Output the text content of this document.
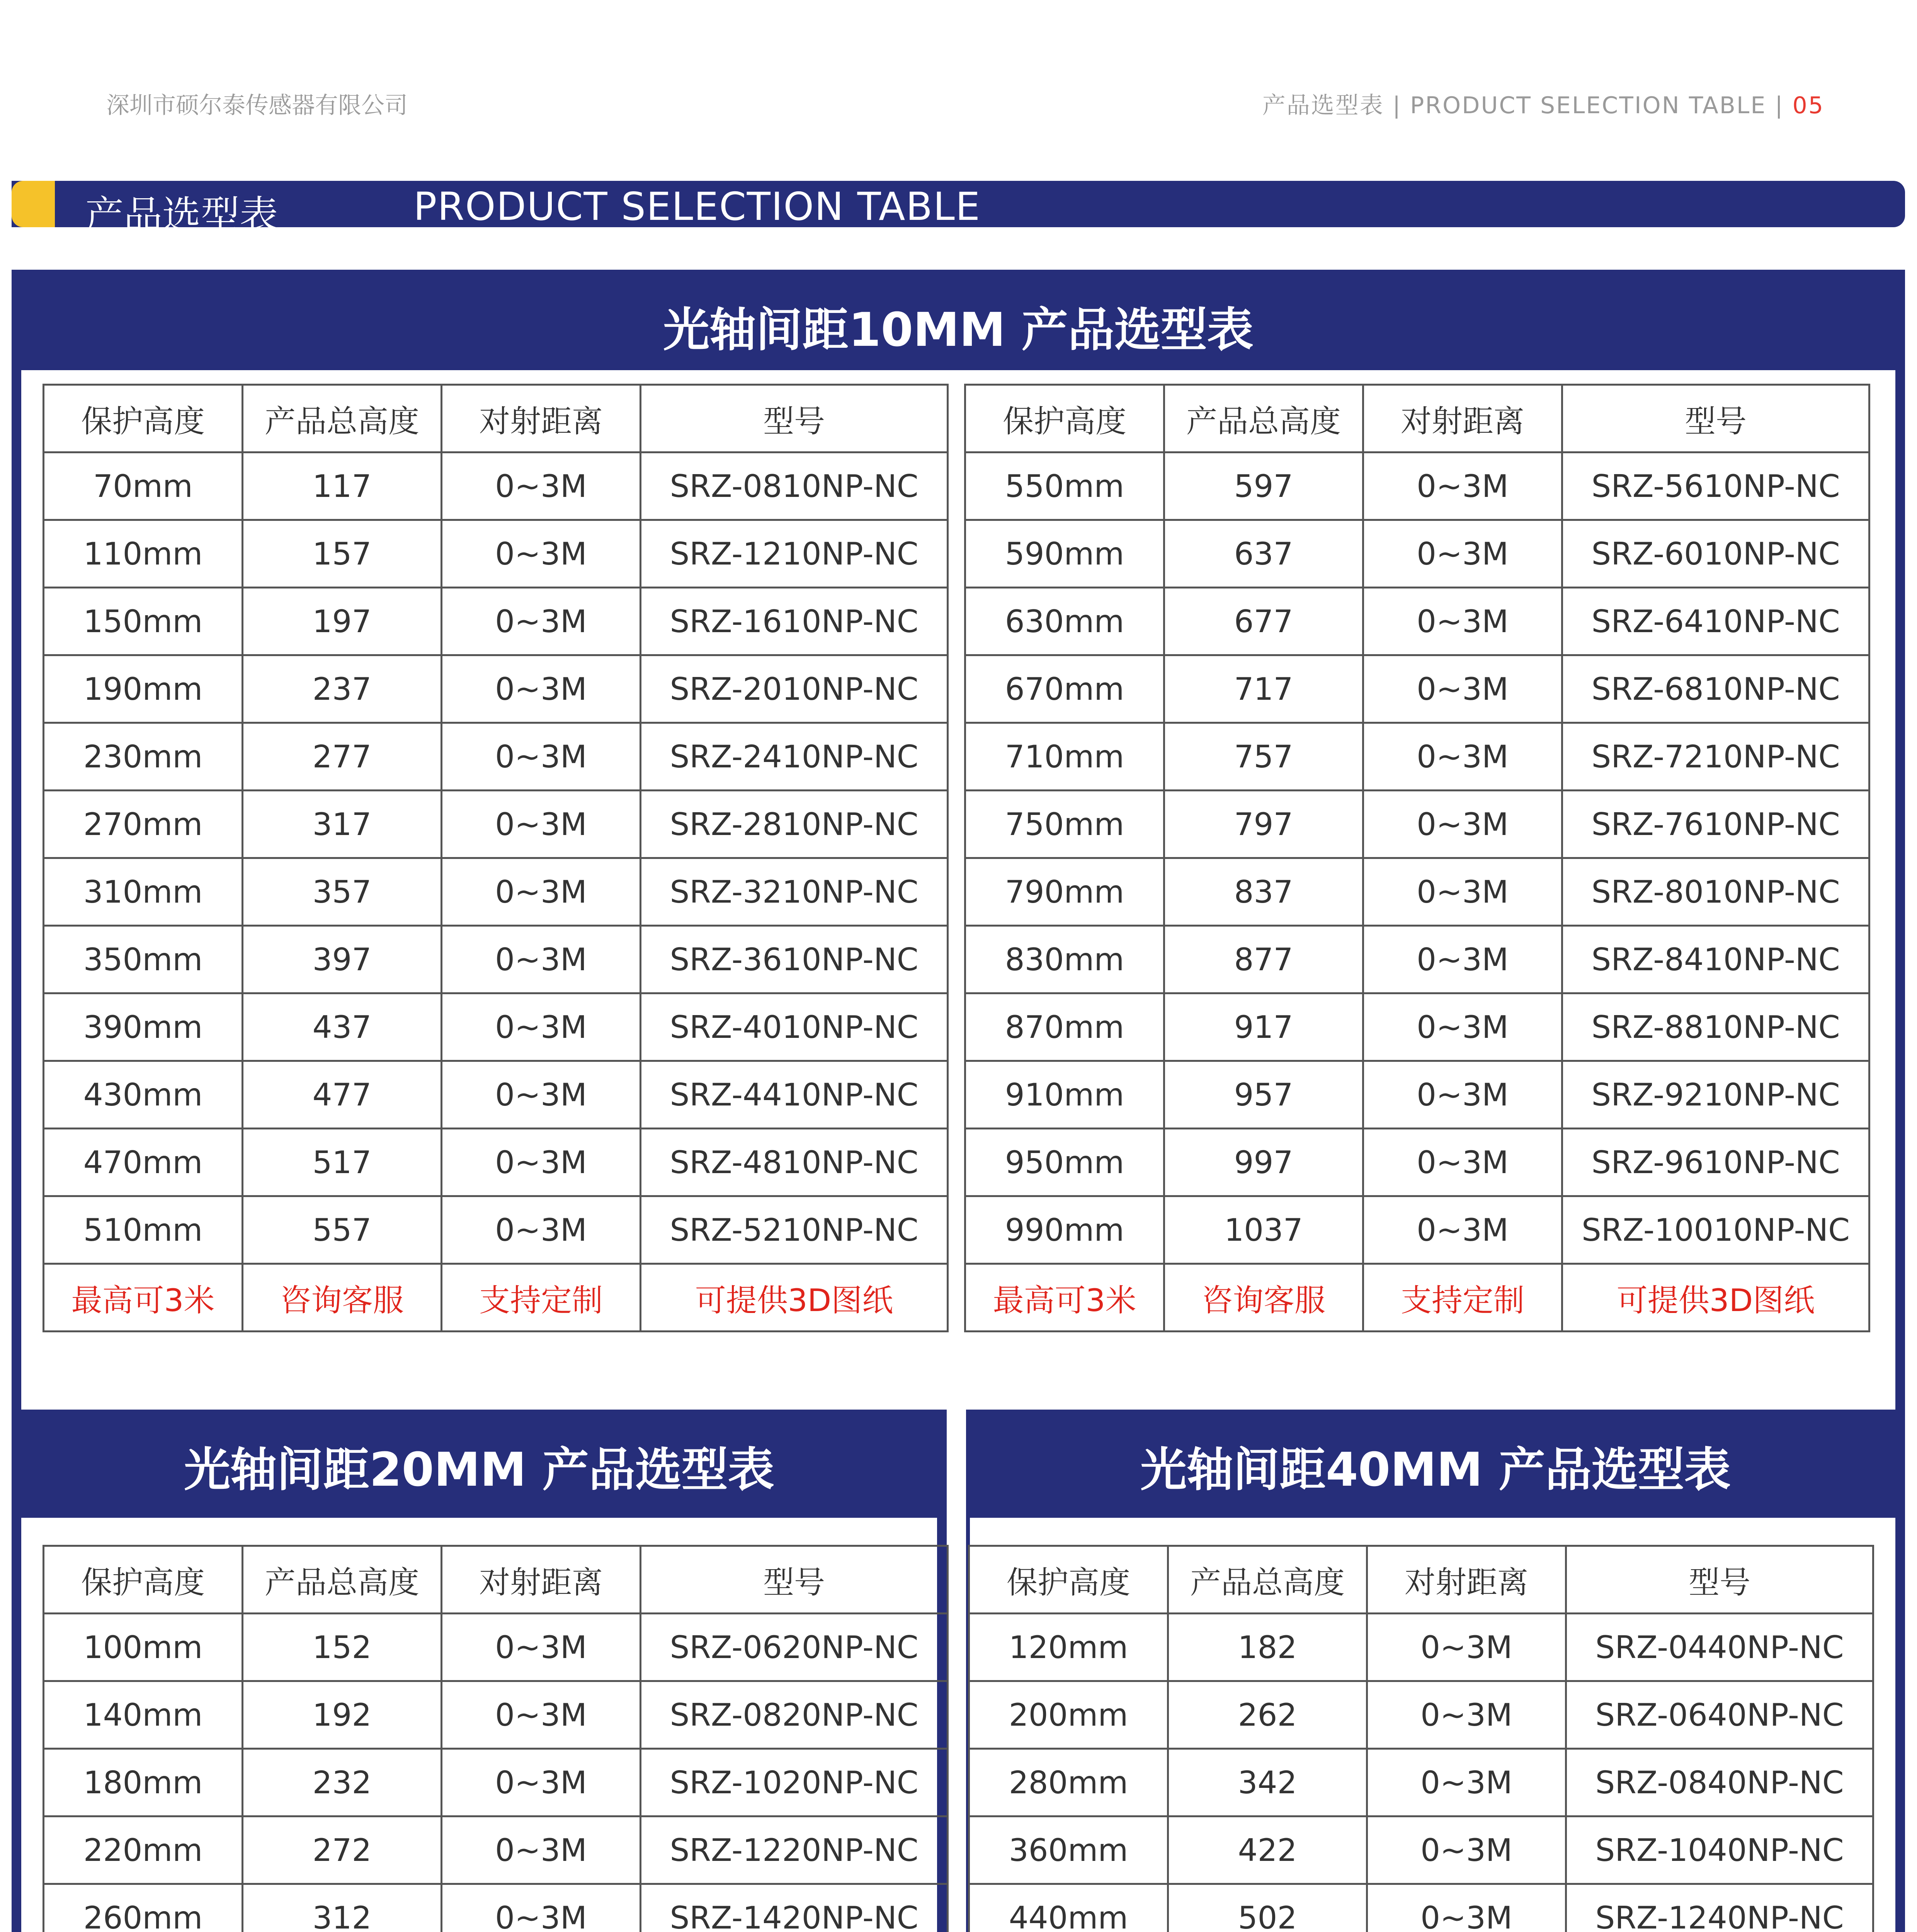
深圳市硕尔泰传感器有限公司	产品选型表 | PRODUCT SELECTION TABLE | 05
产品选型表	PRODUCT SELECTION TABLE
光轴间距10MM 产品选型表
保护高度	产品总高度	对射距离	型号
70mm	117	0~3M	SRZ-0810NP-NC
110mm	157	0~3M	SRZ-1210NP-NC
150mm	197	0~3M	SRZ-1610NP-NC
190mm	237	0~3M	SRZ-2010NP-NC
230mm	277	0~3M	SRZ-2410NP-NC
270mm	317	0~3M	SRZ-2810NP-NC
310mm	357	0~3M	SRZ-3210NP-NC
350mm	397	0~3M	SRZ-3610NP-NC
390mm	437	0~3M	SRZ-4010NP-NC
430mm	477	0~3M	SRZ-4410NP-NC
470mm	517	0~3M	SRZ-4810NP-NC
510mm	557	0~3M	SRZ-5210NP-NC
最高可3米	咨询客服	支持定制	可提供3D图纸
保护高度	产品总高度	对射距离	型号
550mm	597	0~3M	SRZ-5610NP-NC
590mm	637	0~3M	SRZ-6010NP-NC
630mm	677	0~3M	SRZ-6410NP-NC
670mm	717	0~3M	SRZ-6810NP-NC
710mm	757	0~3M	SRZ-7210NP-NC
750mm	797	0~3M	SRZ-7610NP-NC
790mm	837	0~3M	SRZ-8010NP-NC
830mm	877	0~3M	SRZ-8410NP-NC
870mm	917	0~3M	SRZ-8810NP-NC
910mm	957	0~3M	SRZ-9210NP-NC
950mm	997	0~3M	SRZ-9610NP-NC
990mm	1037	0~3M	SRZ-10010NP-NC
最高可3米	咨询客服	支持定制	可提供3D图纸
光轴间距20MM 产品选型表
保护高度	产品总高度	对射距离	型号
100mm	152	0~3M	SRZ-0620NP-NC
140mm	192	0~3M	SRZ-0820NP-NC
180mm	232	0~3M	SRZ-1020NP-NC
220mm	272	0~3M	SRZ-1220NP-NC
260mm	312	0~3M	SRZ-1420NP-NC

光轴间距40MM 产品选型表
保护高度	产品总高度	对射距离	型号
120mm	182	0~3M	SRZ-0440NP-NC
200mm	262	0~3M	SRZ-0640NP-NC
280mm	342	0~3M	SRZ-0840NP-NC
360mm	422	0~3M	SRZ-1040NP-NC
440mm	502	0~3M	SRZ-1240NP-NC
